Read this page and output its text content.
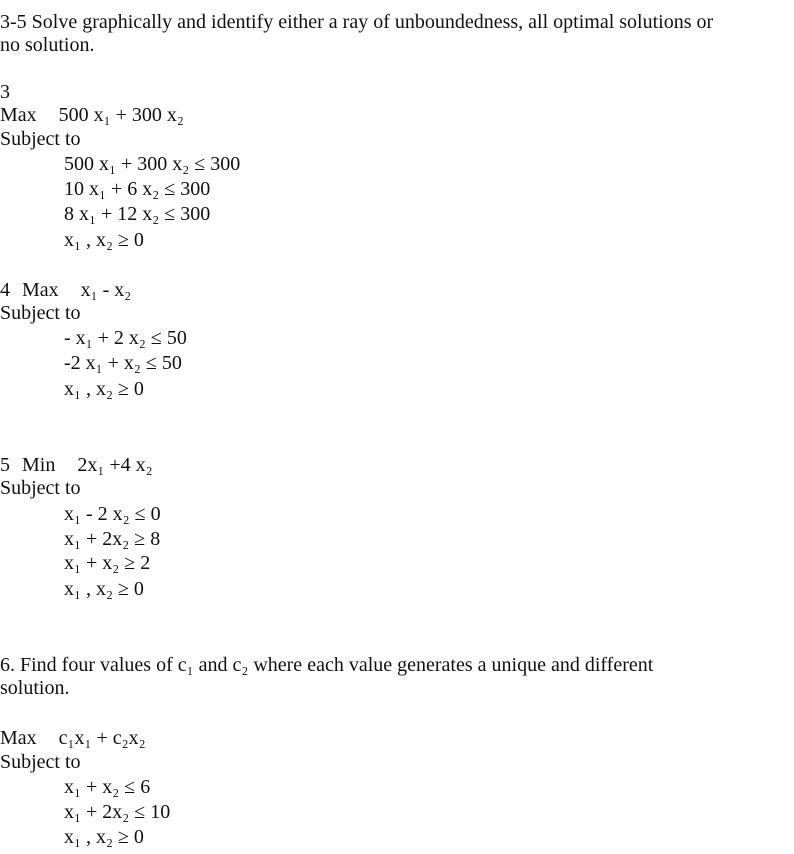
3-5 Solve graphically and identify either a ray of unboundedness, all optimal solutions or
no solution.
3
Max 500 x₁ + 300 x₂
Subject to
500 x₁ + 300 x₂ ≤ 300
10 x₁ + 6 x₂ ≤ 300
8 x₁ + 12 x₂ ≤ 300
x₁ , x₂ ≥ 0
4 Max x₁ - x₂
Subject to
- x₁ + 2 x₂ ≤ 50
-2 x₁ + x₂ ≤ 50
x₁ , x₂ ≥ 0
5 Min 2x₁ +4 x₂
Subject to
x₁ - 2 x₂ ≤ 0
x₁ + 2x₂ ≥ 8
x₁ + x₂ ≥ 2
x₁ , x₂ ≥ 0
6. Find four values of c₁ and c₂ where each value generates a unique and different
solution.
Max c₁x₁ + c₂x₂
Subject to
x₁ + x₂ ≤ 6
x₁ + 2x₂ ≤ 10
x₁ , x₂ ≥ 0
